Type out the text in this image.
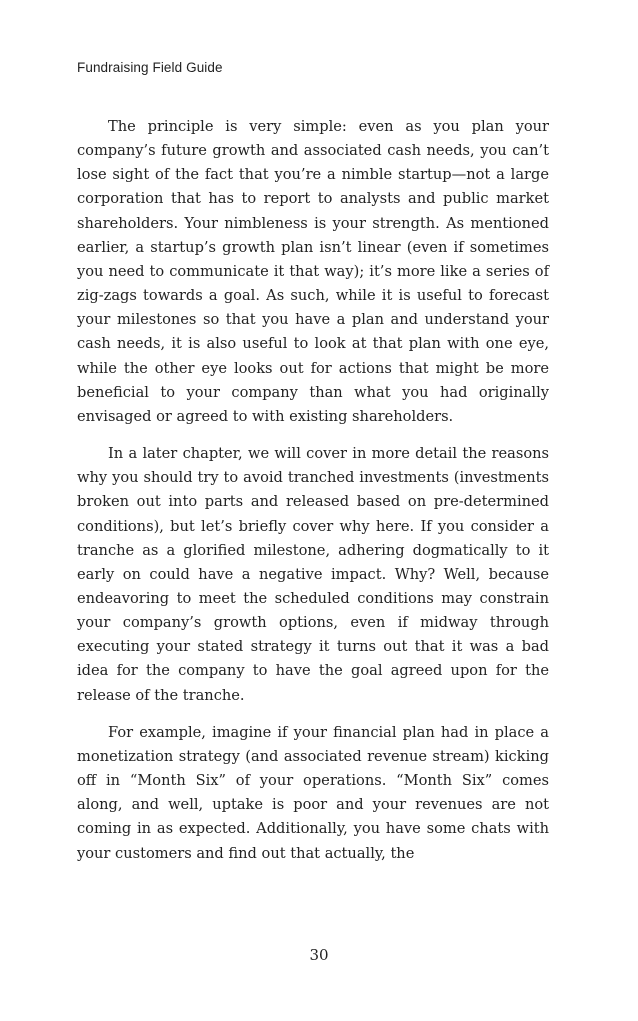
Fundraising Field Guide

The principle is very simple: even as you plan your company’s future growth and associated cash needs, you can’t lose sight of the fact that you’re a nimble startup—not a large corporation that has to report to analysts and public market shareholders. Your nimbleness is your strength. As mentioned earlier, a startup’s growth plan isn’t linear (even if sometimes you need to communicate it that way); it’s more like a series of zig-zags towards a goal. As such, while it is useful to forecast your milestones so that you have a plan and understand your cash needs, it is also useful to look at that plan with one eye, while the other eye looks out for actions that might be more beneficial to your company than what you had originally envisaged or agreed to with existing shareholders.

In a later chapter, we will cover in more detail the reasons why you should try to avoid tranched investments (investments broken out into parts and released based on pre-determined conditions), but let’s briefly cover why here. If you consider a tranche as a glorified milestone, adhering dogmatically to it early on could have a negative impact. Why? Well, because endeavoring to meet the scheduled conditions may constrain your company’s growth options, even if midway through executing your stated strategy it turns out that it was a bad idea for the company to have the goal agreed upon for the release of the tranche.

For example, imagine if your financial plan had in place a monetization strategy (and associated revenue stream) kicking off in “Month Six” of your operations. “Month Six” comes along, and well, uptake is poor and your revenues are not coming in as expected. Additionally, you have some chats with your customers and find out that actually, the

30
